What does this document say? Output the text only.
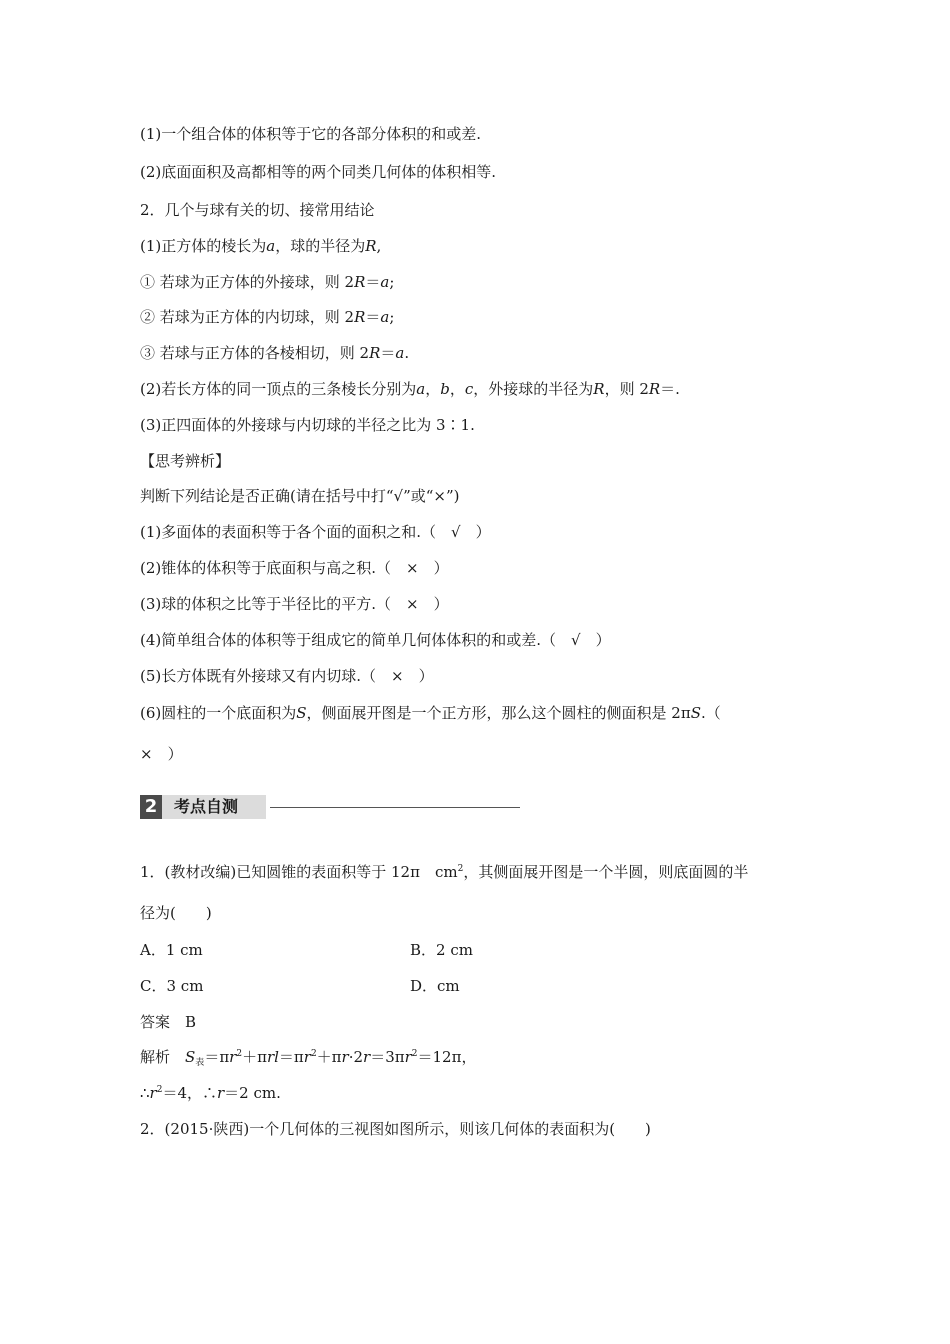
(1)一个组合体的体积等于它的各部分体积的和或差.
(2)底面面积及高都相等的两个同类几何体的体积相等.
2．几个与球有关的切、接常用结论
(1)正方体的棱长为a，球的半径为R,
① 若球为正方体的外接球，则 2R＝a;
② 若球为正方体的内切球，则 2R＝a;
③ 若球与正方体的各棱相切，则 2R＝a.
(2)若长方体的同一顶点的三条棱长分别为a，b，c，外接球的半径为R，则 2R＝.
(3)正四面体的外接球与内切球的半径之比为 3∶1.
【思考辨析】
判断下列结论是否正确(请在括号中打“√”或“×”)
(1)多面体的表面积等于各个面的面积之和.（　√　）
(2)锥体的体积等于底面积与高之积.（　×　）
(3)球的体积之比等于半径比的平方.（　×　）
(4)简单组合体的体积等于组成它的简单几何体体积的和或差.（　√　）
(5)长方体既有外接球又有内切球.（　×　）
(6)圆柱的一个底面积为S，侧面展开图是一个正方形，那么这个圆柱的侧面积是 2πS.（
×　）
2	考点自测
1．(教材改编)已知圆锥的表面积等于 12π　$cm^2$，其侧面展开图是一个半圆，则底面圆的半
径为(　　)
A．1 cm	B．2 cm
C．3 cm	D．cm
答案　B
解析　$S_表=\pi r^2+\pi rl=\pi r^2+\pi r\cdot 2r=3\pi r^2=12\pi$，
$\therefore r^2=4$，∴r＝2 cm.
2．(2015·陕西)一个几何体的三视图如图所示，则该几何体的表面积为(　　)
